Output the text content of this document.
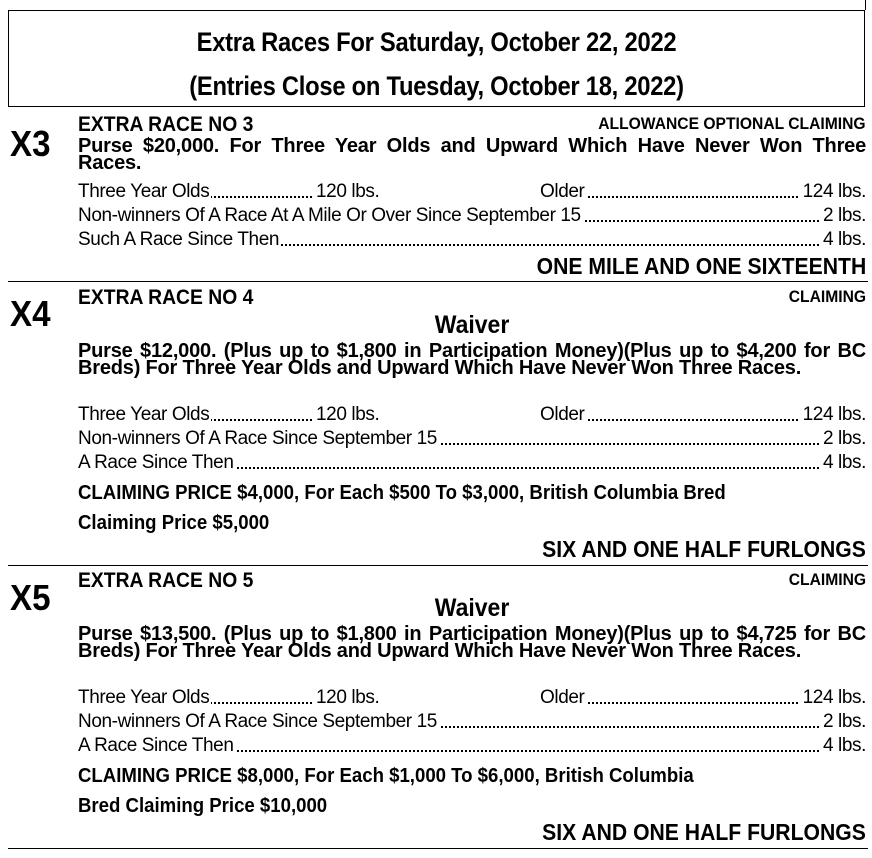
Extra Races For Saturday, October 22, 2022
(Entries Close on Tuesday, October 18, 2022)
X3 EXTRA RACE NO 3	ALLOWANCE OPTIONAL CLAIMING
Purse $20,000. For Three Year Olds and Upward Which Have Never Won Three Races.
Three Year Olds	120 lbs.	Older	124 lbs.
Non-winners Of A Race At A Mile Or Over Since September 15	2 lbs.
Such A Race Since Then	4 lbs.
ONE MILE AND ONE SIXTEENTH
X4 EXTRA RACE NO 4	CLAIMING
Waiver
Purse $12,000. (Plus up to $1,800 in Participation Money)(Plus up to $4,200 for BC Breds) For Three Year Olds and Upward Which Have Never Won Three Races.
Three Year Olds	120 lbs.	Older	124 lbs.
Non-winners Of A Race Since September 15	2 lbs.
A Race Since Then	4 lbs.
CLAIMING PRICE $4,000, For Each $500 To $3,000, British Columbia Bred
Claiming Price $5,000
SIX AND ONE HALF FURLONGS
X5 EXTRA RACE NO 5	CLAIMING
Waiver
Purse $13,500. (Plus up to $1,800 in Participation Money)(Plus up to $4,725 for BC Breds) For Three Year Olds and Upward Which Have Never Won Three Races.
Three Year Olds	120 lbs.	Older	124 lbs.
Non-winners Of A Race Since September 15	2 lbs.
A Race Since Then	4 lbs.
CLAIMING PRICE $8,000, For Each $1,000 To $6,000, British Columbia
Bred Claiming Price $10,000
SIX AND ONE HALF FURLONGS
